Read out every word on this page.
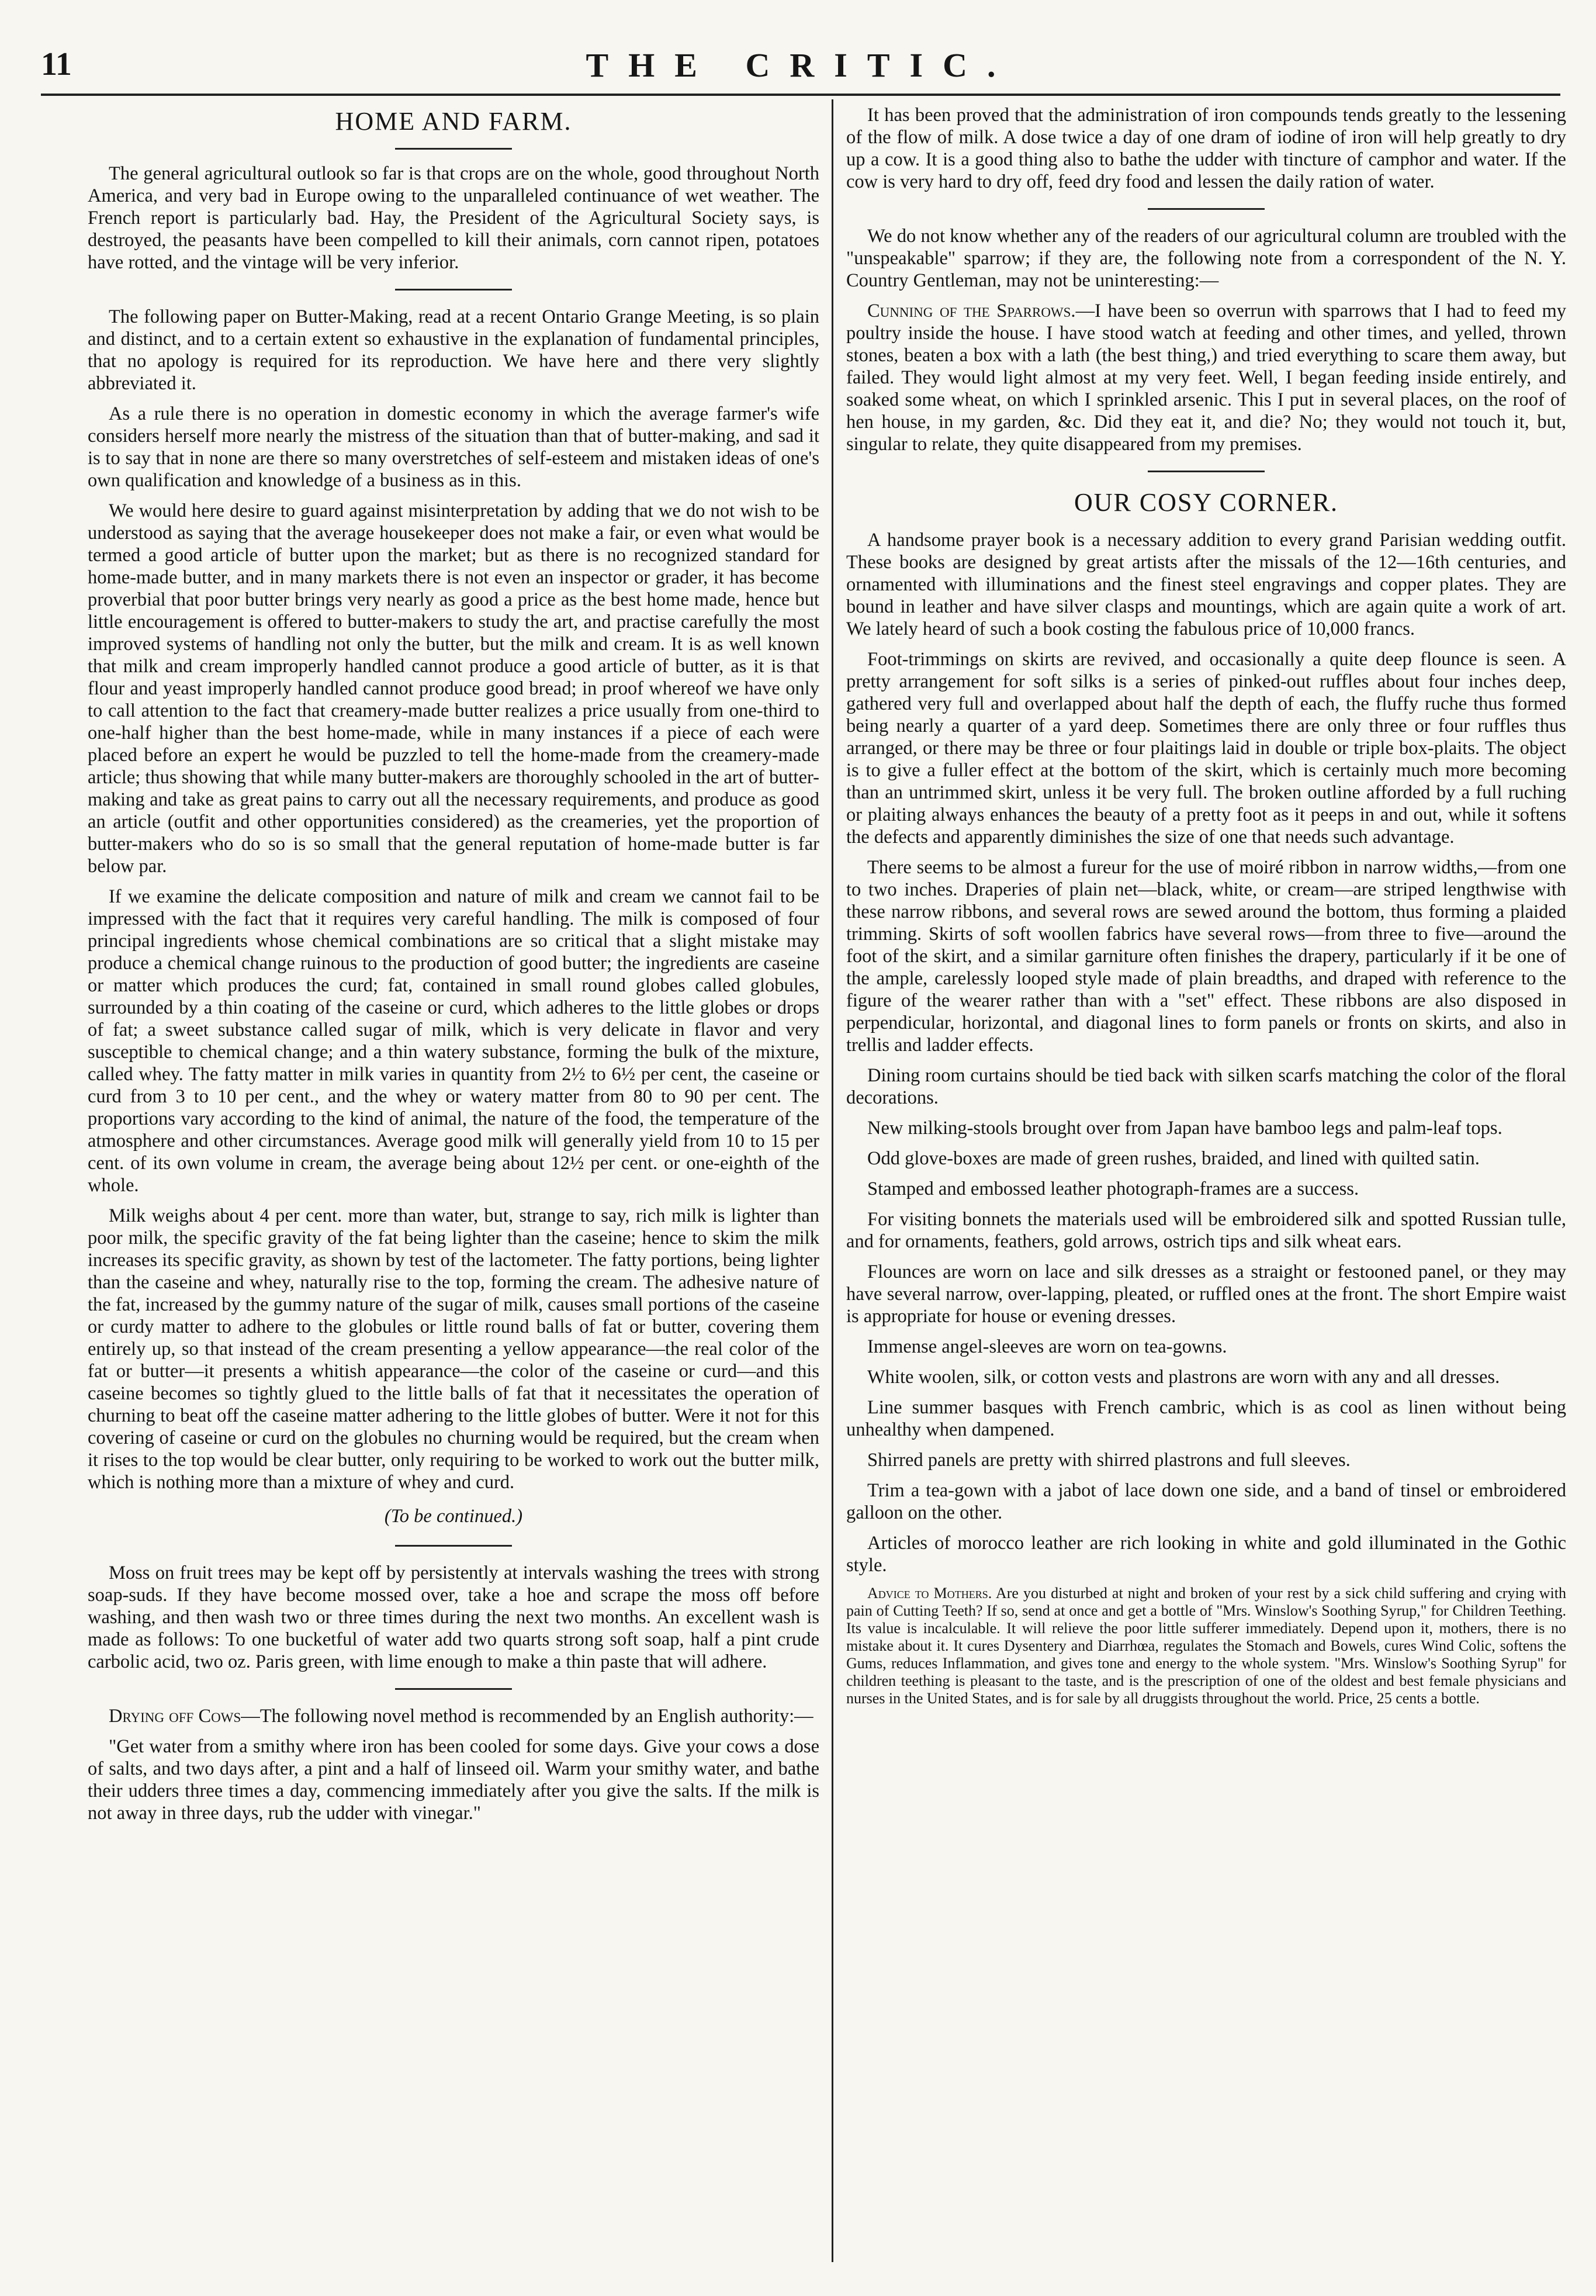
11	THE CRITIC.
HOME AND FARM.

The general agricultural outlook so far is that crops are on the whole, good throughout North America, and very bad in Europe owing to the unparalleled continuance of wet weather. The French report is particularly bad. Hay, the President of the Agricultural Society says, is destroyed, the peasants have been compelled to kill their animals, corn cannot ripen, potatoes have rotted, and the vintage will be very inferior.

The following paper on Butter-Making, read at a recent Ontario Grange Meeting, is so plain and distinct, and to a certain extent so exhaustive in the explanation of fundamental principles, that no apology is required for its reproduction. We have here and there very slightly abbreviated it.

As a rule there is no operation in domestic economy in which the average farmer's wife considers herself more nearly the mistress of the situation than that of butter-making, and sad it is to say that in none are there so many overstretches of self-esteem and mistaken ideas of one's own qualification and knowledge of a business as in this.

We would here desire to guard against misinterpretation by adding that we do not wish to be understood as saying that the average housekeeper does not make a fair, or even what would be termed a good article of butter upon the market; but as there is no recognized standard for home-made butter, and in many markets there is not even an inspector or grader, it has become proverbial that poor butter brings very nearly as good a price as the best home made, hence but little encouragement is offered to butter-makers to study the art, and practise carefully the most improved systems of handling not only the butter, but the milk and cream. It is as well known that milk and cream improperly handled cannot produce a good article of butter, as it is that flour and yeast improperly handled cannot produce good bread; in proof whereof we have only to call attention to the fact that creamery-made butter realizes a price usually from one-third to one-half higher than the best home-made, while in many instances if a piece of each were placed before an expert he would be puzzled to tell the home-made from the creamery-made article; thus showing that while many butter-makers are thoroughly schooled in the art of butter-making and take as great pains to carry out all the necessary requirements, and produce as good an article (outfit and other opportunities considered) as the creameries, yet the proportion of butter-makers who do so is so small that the general reputation of home-made butter is far below par.

If we examine the delicate composition and nature of milk and cream we cannot fail to be impressed with the fact that it requires very careful handling. The milk is composed of four principal ingredients whose chemical combinations are so critical that a slight mistake may produce a chemical change ruinous to the production of good butter; the ingredients are caseine or matter which produces the curd; fat, contained in small round globes called globules, surrounded by a thin coating of the caseine or curd, which adheres to the little globes or drops of fat; a sweet substance called sugar of milk, which is very delicate in flavor and very susceptible to chemical change; and a thin watery substance, forming the bulk of the mixture, called whey. The fatty matter in milk varies in quantity from 2½ to 6½ per cent, the caseine or curd from 3 to 10 per cent., and the whey or watery matter from 80 to 90 per cent. The proportions vary according to the kind of animal, the nature of the food, the temperature of the atmosphere and other circumstances. Average good milk will generally yield from 10 to 15 per cent. of its own volume in cream, the average being about 12½ per cent. or one-eighth of the whole.

Milk weighs about 4 per cent. more than water, but, strange to say, rich milk is lighter than poor milk, the specific gravity of the fat being lighter than the caseine; hence to skim the milk increases its specific gravity, as shown by test of the lactometer. The fatty portions, being lighter than the caseine and whey, naturally rise to the top, forming the cream. The adhesive nature of the fat, increased by the gummy nature of the sugar of milk, causes small portions of the caseine or curdy matter to adhere to the globules or little round balls of fat or butter, covering them entirely up, so that instead of the cream presenting a yellow appearance—the real color of the fat or butter—it presents a whitish appearance—the color of the caseine or curd—and this caseine becomes so tightly glued to the little balls of fat that it necessitates the operation of churning to beat off the caseine matter adhering to the little globes of butter. Were it not for this covering of caseine or curd on the globules no churning would be required, but the cream when it rises to the top would be clear butter, only requiring to be worked to work out the butter milk, which is nothing more than a mixture of whey and curd.

(To be continued.)

Moss on fruit trees may be kept off by persistently at intervals washing the trees with strong soap-suds. If they have become mossed over, take a hoe and scrape the moss off before washing, and then wash two or three times during the next two months. An excellent wash is made as follows: To one bucketful of water add two quarts strong soft soap, half a pint crude carbolic acid, two oz. Paris green, with lime enough to make a thin paste that will adhere.

Drying off Cows—The following novel method is recommended by an English authority:—

"Get water from a smithy where iron has been cooled for some days. Give your cows a dose of salts, and two days after, a pint and a half of linseed oil. Warm your smithy water, and bathe their udders three times a day, commencing immediately after you give the salts. If the milk is not away in three days, rub the udder with vinegar."

It has been proved that the administration of iron compounds tends greatly to the lessening of the flow of milk. A dose twice a day of one dram of iodine of iron will help greatly to dry up a cow. It is a good thing also to bathe the udder with tincture of camphor and water. If the cow is very hard to dry off, feed dry food and lessen the daily ration of water.

We do not know whether any of the readers of our agricultural column are troubled with the "unspeakable" sparrow; if they are, the following note from a correspondent of the N. Y. Country Gentleman, may not be uninteresting:—

Cunning of the Sparrows.—I have been so overrun with sparrows that I had to feed my poultry inside the house. I have stood watch at feeding and other times, and yelled, thrown stones, beaten a box with a lath (the best thing,) and tried everything to scare them away, but failed. They would light almost at my very feet. Well, I began feeding inside entirely, and soaked some wheat, on which I sprinkled arsenic. This I put in several places, on the roof of hen house, in my garden, &c. Did they eat it, and die? No; they would not touch it, but, singular to relate, they quite disappeared from my premises.

OUR COSY CORNER.

A handsome prayer book is a necessary addition to every grand Parisian wedding outfit. These books are designed by great artists after the missals of the 12—16th centuries, and ornamented with illuminations and the finest steel engravings and copper plates. They are bound in leather and have silver clasps and mountings, which are again quite a work of art. We lately heard of such a book costing the fabulous price of 10,000 francs.

Foot-trimmings on skirts are revived, and occasionally a quite deep flounce is seen. A pretty arrangement for soft silks is a series of pinked-out ruffles about four inches deep, gathered very full and overlapped about half the depth of each, the fluffy ruche thus formed being nearly a quarter of a yard deep. Sometimes there are only three or four ruffles thus arranged, or there may be three or four plaitings laid in double or triple box-plaits. The object is to give a fuller effect at the bottom of the skirt, which is certainly much more becoming than an untrimmed skirt, unless it be very full. The broken outline afforded by a full ruching or plaiting always enhances the beauty of a pretty foot as it peeps in and out, while it softens the defects and apparently diminishes the size of one that needs such advantage.

There seems to be almost a fureur for the use of moiré ribbon in narrow widths,—from one to two inches. Draperies of plain net—black, white, or cream—are striped lengthwise with these narrow ribbons, and several rows are sewed around the bottom, thus forming a plaided trimming. Skirts of soft woollen fabrics have several rows—from three to five—around the foot of the skirt, and a similar garniture often finishes the drapery, particularly if it be one of the ample, carelessly looped style made of plain breadths, and draped with reference to the figure of the wearer rather than with a "set" effect. These ribbons are also disposed in perpendicular, horizontal, and diagonal lines to form panels or fronts on skirts, and also in trellis and ladder effects.

Dining room curtains should be tied back with silken scarfs matching the color of the floral decorations.

New milking-stools brought over from Japan have bamboo legs and palm-leaf tops.

Odd glove-boxes are made of green rushes, braided, and lined with quilted satin.

Stamped and embossed leather photograph-frames are a success.

For visiting bonnets the materials used will be embroidered silk and spotted Russian tulle, and for ornaments, feathers, gold arrows, ostrich tips and silk wheat ears.

Flounces are worn on lace and silk dresses as a straight or festooned panel, or they may have several narrow, over-lapping, pleated, or ruffled ones at the front. The short Empire waist is appropriate for house or evening dresses.

Immense angel-sleeves are worn on tea-gowns.

White woolen, silk, or cotton vests and plastrons are worn with any and all dresses.

Line summer basques with French cambric, which is as cool as linen without being unhealthy when dampened.

Shirred panels are pretty with shirred plastrons and full sleeves.

Trim a tea-gown with a jabot of lace down one side, and a band of tinsel or embroidered galloon on the other.

Articles of morocco leather are rich looking in white and gold illuminated in the Gothic style.

Advice to Mothers. Are you disturbed at night and broken of your rest by a sick child suffering and crying with pain of Cutting Teeth? If so, send at once and get a bottle of "Mrs. Winslow's Soothing Syrup," for Children Teething. Its value is incalculable. It will relieve the poor little sufferer immediately. Depend upon it, mothers, there is no mistake about it. It cures Dysentery and Diarrhœa, regulates the Stomach and Bowels, cures Wind Colic, softens the Gums, reduces Inflammation, and gives tone and energy to the whole system. "Mrs. Winslow's Soothing Syrup" for children teething is pleasant to the taste, and is the prescription of one of the oldest and best female physicians and nurses in the United States, and is for sale by all druggists throughout the world. Price, 25 cents a bottle.
